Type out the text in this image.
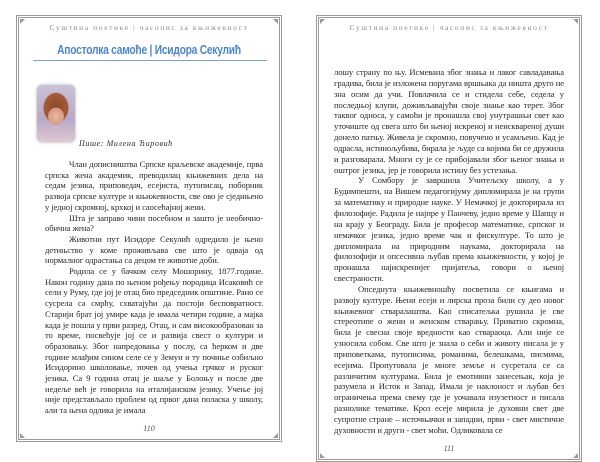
Суштина поетике | часопис за књижевност
Апостолка самоће | Исидора Секулић
Пише: Милена Ћировић

Члан дописништва Српске краљевске академије, прва српска жена академик, преводилац књижевних дела на седам језика, приповедач, есејиста, путописац, поборник развоја српске културе и књижевности, све ово је сједињено у једној скромној, крхкој и саосећајној жени.

Шта је заправо чини посебном и зашто је необично-обична жена?

Животни пут Исидоре Секулић одредило је њено детињство у коме проживљава све што је одваја од нормалног одрастања са децом те животне доби.

Родила се у бачком селу Мошорину, 1877.године. Након годину дана по њеном рођењу породица Исаковић се сели у Руму, где јој је отац био председник општине. Рано се сусрела са смрћу, схватајући да постоји бесповратност. Старији брат јој умире када је имала четири године, а мајка када је пошла у први разред. Отац, и сам високообразован за то време, посвећује јој се и развија свест о култури и образовању. Због напредовања у послу, са ћерком и две године млађим сином селе се у Земун и ту почиње озбиљно Исидорино школовање, почев од учења грчког и руског језика. Са 9 година отац је шаље у Болоњу и после две недеље већ је говорила на италијанском језику. Учење јој није представљало проблем од првог дана поласка у школу, али та њена одлика је имала

110
Суштина поетике | часопис за књижевност

лошу страну по њу. Исмевана због знања и лаког савладавања градива, била је изложена поругама вршњака да ништа друго не зна осим да учи. Повлачила се и стидела себе, седела у последњој клупи, доживљавајући своје знање као терет. Због таквог односа, у самоћи је пронашла свој унутрашњи свет као уточиште од свега што би њеној искреној и неисквареној души донело патњу. Живела је скромно, повучено и усамљено. Кад је одрасла, истинољубива, бирала је људе са којима би се дружила и разговарала. Многи су је се прибојавали због њеног знања и оштрог језика, јер је говорила истину без устезања.

У Сомбору је завршила Учитељску школу, а у Будимпешти, на Вишем педагогијуму дипломирала је на групи за математику и природне науке. У Немачкој је докторирала из филозофије. Радила је најпре у Панчеву, једно време у Шапцу и на крају у Београду. Била је професор математике, српског и немачког језика, једно време чак и фискултуре. То што је дипломирала на природним наукама, докторирала на филозофији и опсесивна љубав према књижевности, у којој је пронашла најискренијег пријатеља, говори о њеној свестраности.

Опседнута књижевношћу посветила се књигама и развоју културе. Њени есеји и лирска проза били су део новог књижевног стваралаштва. Као списатељка рушила је све стереотипе о жени и женском стварању. Приватно скромна, била је свесна своје вредности као ствараоца. Али није се узносила собом. Све што је знала о себи и животу писала је у приповеткама, путописима, романима, белешкама, писмима, есејима. Пропутовала је многе земље и сусретала се са различитим културама. Била је емотивни занесењак, која је разумела и Исток и Запад. Имала је наклоност и љубав без ограничења према свему где је уочавала изузетност и писала разнолике тематике. Кроз есеје мирила је духовни свет две супротне стране – источњачки и западни, први - свет мистичне духовности и други - свет моћи. Одликовала се

111
